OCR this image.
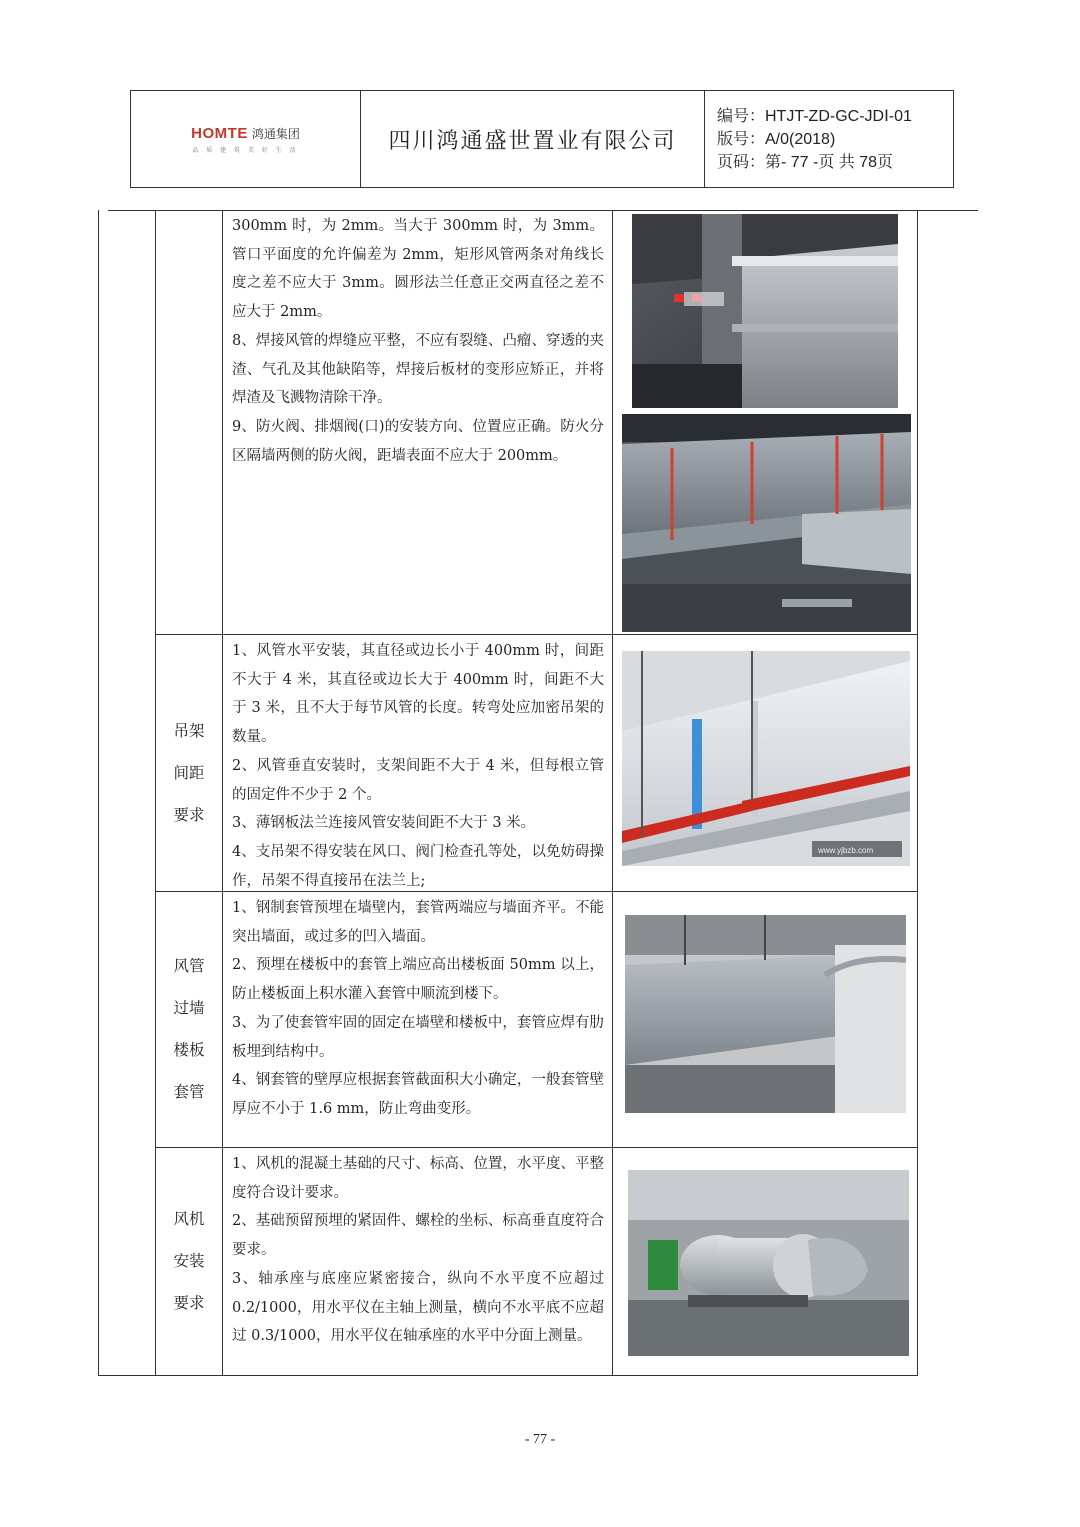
HOMTE 鸿通集团
品 质 建 筑 美 好 生 活	四川鸿通盛世置业有限公司
编号：HTJT-ZD-GC-JDⅠ-01
版号：A/0(2018)
页码：第- 77 -页 共 78页
吊架
间距
要求
风管
过墙
楼板
套管
风机
安装
要求

300mm 时，为 2mm。当大于 300mm 时，为 3mm。管口平面度的允许偏差为 2mm，矩形风管两条对角线长度之差不应大于 3mm。圆形法兰任意正交两直径之差不应大于 2mm。

8、焊接风管的焊缝应平整，不应有裂缝、凸瘤、穿透的夹渣、气孔及其他缺陷等，焊接后板材的变形应矫正，并将焊渣及飞溅物清除干净。

9、防火阀、排烟阀(口)的安装方向、位置应正确。防火分区隔墙两侧的防火阀，距墙表面不应大于 200mm。

1、风管水平安装，其直径或边长小于 400mm 时，间距不大于 4 米，其直径或边长大于 400mm 时，间距不大于 3 米，且不大于每节风管的长度。转弯处应加密吊架的数量。

2、风管垂直安装时，支架间距不大于 4 米，但每根立管的固定件不少于 2 个。

3、薄钢板法兰连接风管安装间距不大于 3 米。

4、支吊架不得安装在风口、阀门检查孔等处，以免妨碍操作，吊架不得直接吊在法兰上;

1、钢制套管预埋在墙壁内，套管两端应与墙面齐平。不能突出墙面，或过多的凹入墙面。

2、预埋在楼板中的套管上端应高出楼板面 50mm 以上，防止楼板面上积水灌入套管中顺流到楼下。

3、为了使套管牢固的固定在墙壁和楼板中，套管应焊有肋板埋到结构中。

4、钢套管的壁厚应根据套管截面积大小确定，一般套管壁厚应不小于 1.6 mm，防止弯曲变形。

1、风机的混凝土基础的尺寸、标高、位置，水平度、平整度符合设计要求。

2、基础预留预埋的紧固件、螺栓的坐标、标高垂直度符合要求。

3、轴承座与底座应紧密接合，纵向不水平度不应超过 0.2/1000，用水平仪在主轴上测量，横向不水平底不应超过 0.3/1000，用水平仪在轴承座的水平中分面上测量。

www.yjbzb.com
- 77 -
